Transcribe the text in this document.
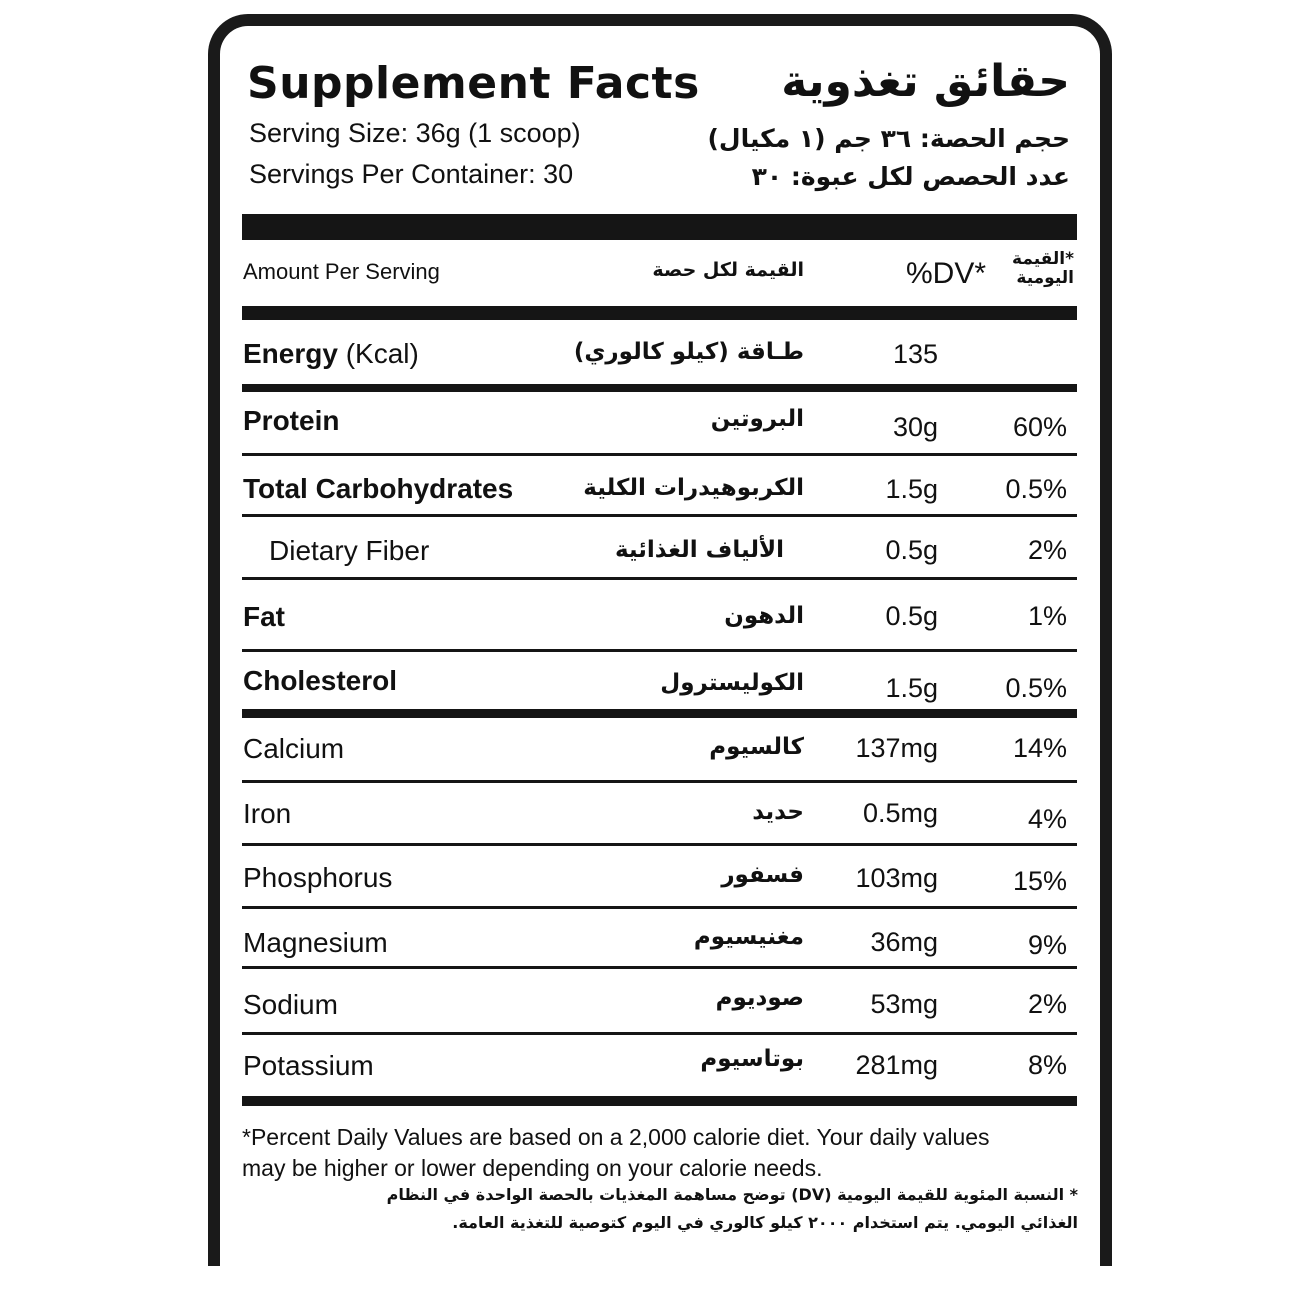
Supplement Facts حقائق تغذوية
Serving Size: 36g (1 scoop)
Servings Per Container: 30
حجم الحصة: ٣٦ جم (١ مكيال)
عدد الحصص لكل عبوة: ٣٠
Amount Per Serving	القيمة لكل حصة	%DV* *القيمة
اليومية
Energy (Kcal)	طـاقة (كيلو كالوري)	135
Protein	البروتين	30g	60%
Total Carbohydrates	الكربوهيدرات الكلية	1.5g 0.5%
Dietary Fiber	الألياف الغذائية	0.5g	2%
Fat	الدهون	0.5g	1%
Cholesterol	الكوليسترول	1.5g 0.5%
Calcium	كالسيوم 137mg	14%
Iron	حديد 0.5mg	4%
Phosphorus	فسفور 103mg	15%
Magnesium	مغنيسيوم 36mg	9%
Sodium	صوديوم 53mg	2%
Potassium	بوتاسيوم 281mg	8%
*Percent Daily Values are based on a 2,000 calorie diet. Your daily values
may be higher or lower depending on your calorie needs.
* النسبة المئوية للقيمة اليومية (DV) توضح مساهمة المغذيات بالحصة الواحدة في النظام
الغذائي اليومي. يتم استخدام ٢٠٠٠ كيلو كالوري في اليوم كتوصية للتغذية العامة.
